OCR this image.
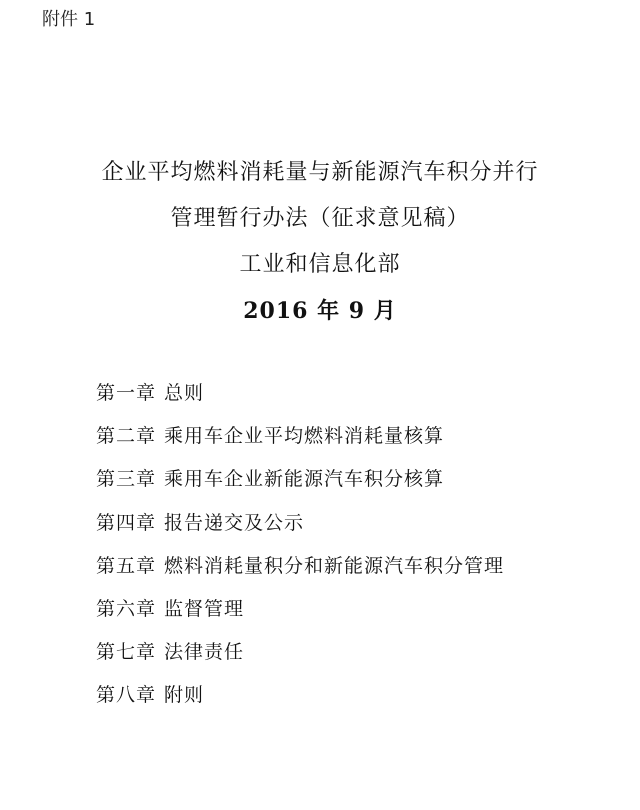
附件 1
企业平均燃料消耗量与新能源汽车积分并行
管理暂行办法（征求意见稿）
工业和信息化部
2016 年 9 月
第一章 总则
第二章 乘用车企业平均燃料消耗量核算
第三章 乘用车企业新能源汽车积分核算
第四章 报告递交及公示
第五章 燃料消耗量积分和新能源汽车积分管理
第六章 监督管理
第七章 法律责任
第八章 附则
